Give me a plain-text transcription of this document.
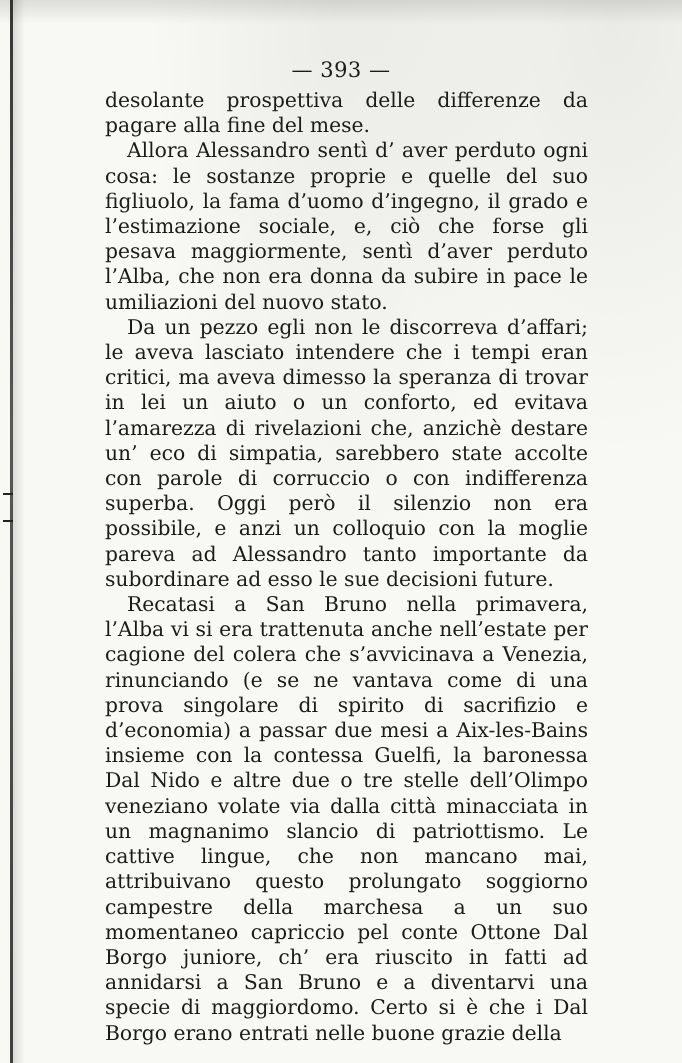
— 393 —

desolante prospettiva delle differenze da pagare alla fine del mese.

Allora Alessandro sentì d’ aver perduto ogni cosa: le sostanze proprie e quelle del suo figliuolo, la fama d’uomo d’ingegno, il grado e l’estimazione sociale, e, ciò che forse gli pesava maggiormente, sentì d’aver perduto l’Alba, che non era donna da subire in pace le umiliazioni del nuovo stato.

Da un pezzo egli non le discorreva d’affari; le aveva lasciato intendere che i tempi eran critici, ma aveva dimesso la speranza di trovar in lei un aiuto o un conforto, ed evitava l’amarezza di rivelazioni che, anzichè destare un’ eco di simpatia, sarebbero state accolte con parole di corruccio o con indifferenza superba. Oggi però il silenzio non era possibile, e anzi un colloquio con la moglie pareva ad Alessandro tanto importante da subordinare ad esso le sue decisioni future.

Recatasi a San Bruno nella primavera, l’Alba vi si era trattenuta anche nell’estate per cagione del colera che s’avvicinava a Venezia, rinunciando (e se ne vantava come di una prova singolare di spirito di sacrifizio e d’economia) a passar due mesi a Aix-les-Bains insieme con la contessa Guelfi, la baronessa Dal Nido e altre due o tre stelle dell’Olimpo veneziano volate via dalla città minacciata in un magnanimo slancio di patriottismo. Le cattive lingue, che non mancano mai, attribuivano questo prolungato soggiorno campestre della marchesa a un suo momentaneo capriccio pel conte Ottone Dal Borgo juniore, ch’ era riuscito in fatti ad annidarsi a San Bruno e a diventarvi una specie di maggiordomo. Certo si è che i Dal Borgo erano entrati nelle buone grazie della
